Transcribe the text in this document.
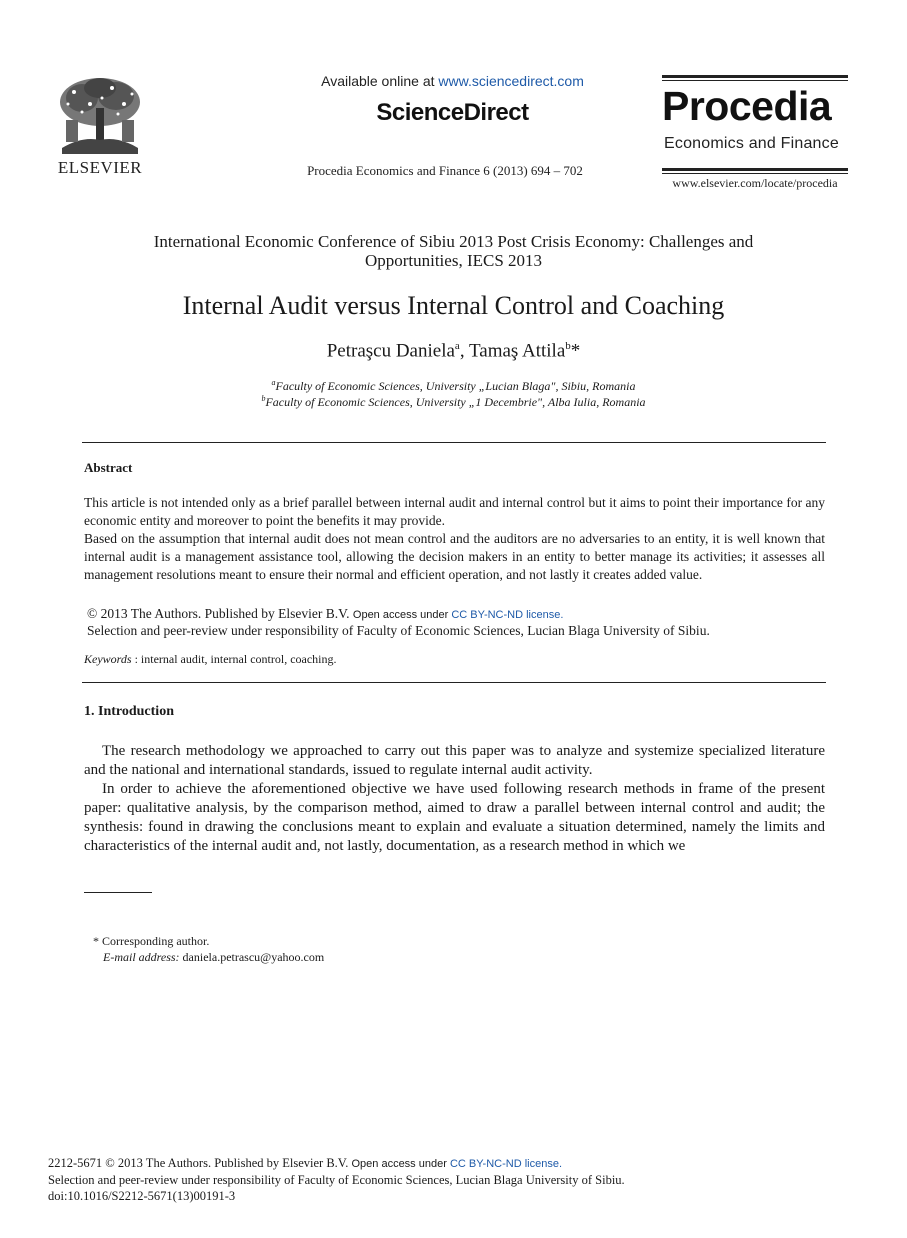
ELSEVIER
Available online at www.sciencedirect.com
ScienceDirect
Procedia Economics and Finance 6 (2013) 694 – 702
Procedia
Economics and Finance
www.elsevier.com/locate/procedia
International Economic Conference of Sibiu 2013 Post Crisis Economy: Challenges and Opportunities, IECS 2013
Internal Audit versus Internal Control and Coaching
Petraşcu Daniela$^a$, Tamaş Attila$^b$*
$^a$Faculty of Economic Sciences, University „Lucian Blaga", Sibiu, Romania
$^b$Faculty of Economic Sciences, University „1 Decembrie", Alba Iulia, Romania
Abstract
This article is not intended only as a brief parallel between internal audit and internal control but it aims to point their importance for any economic entity and moreover to point the benefits it may provide.
Based on the assumption that internal audit does not mean control and the auditors are no adversaries to an entity, it is well known that internal audit is a management assistance tool, allowing the decision makers in an entity to better manage its activities; it assesses all management resolutions meant to ensure their normal and efficient operation, and not lastly it creates added value.
© 2013 The Authors. Published by Elsevier B.V. Open access under CC BY-NC-ND license.
Selection and peer-review under responsibility of Faculty of Economic Sciences, Lucian Blaga University of Sibiu.
Keywords : internal audit, internal control, coaching.
1. Introduction

The research methodology we approached to carry out this paper was to analyze and systemize specialized literature and the national and international standards, issued to regulate internal audit activity.

In order to achieve the aforementioned objective we have used following research methods in frame of the present paper: qualitative analysis, by the comparison method, aimed to draw a parallel between internal control and audit; the synthesis: found in drawing the conclusions meant to explain and evaluate a situation determined, namely the limits and characteristics of the internal audit and, not lastly, documentation, as a research method in which we

* Corresponding author.
E-mail address: daniela.petrascu@yahoo.com
2212-5671 © 2013 The Authors. Published by Elsevier B.V. Open access under CC BY-NC-ND license.
Selection and peer-review under responsibility of Faculty of Economic Sciences, Lucian Blaga University of Sibiu.
doi:10.1016/S2212-5671(13)00191-3
